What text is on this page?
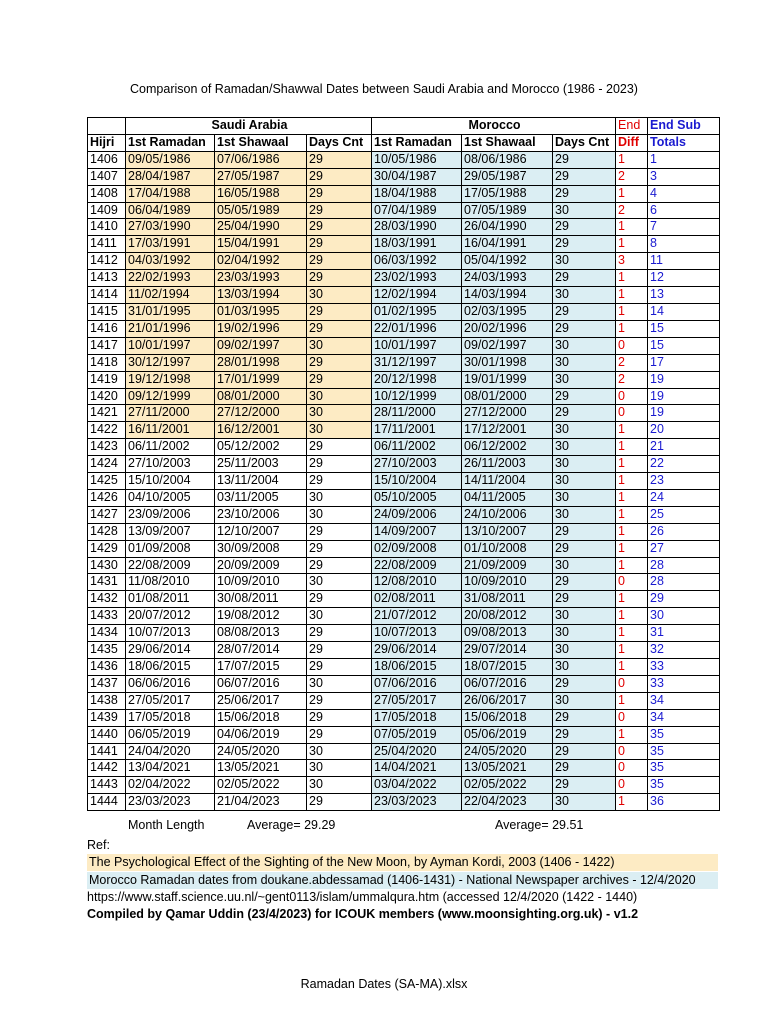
Comparison of Ramadan/Shawwal Dates between Saudi Arabia and Morocco (1986 - 2023)
	Saudi Arabia			Morocco			End	End Sub
Hijri	1st Ramadan	1st Shawaal	Days Cnt	1st Ramadan	1st Shawaal	Days Cnt	Diff	Totals
1406	09/05/1986	07/06/1986	29	10/05/1986	08/06/1986	29	1	1
1407	28/04/1987	27/05/1987	29	30/04/1987	29/05/1987	29	2	3
1408	17/04/1988	16/05/1988	29	18/04/1988	17/05/1988	29	1	4
1409	06/04/1989	05/05/1989	29	07/04/1989	07/05/1989	30	2	6
1410	27/03/1990	25/04/1990	29	28/03/1990	26/04/1990	29	1	7
1411	17/03/1991	15/04/1991	29	18/03/1991	16/04/1991	29	1	8
1412	04/03/1992	02/04/1992	29	06/03/1992	05/04/1992	30	3	11
1413	22/02/1993	23/03/1993	29	23/02/1993	24/03/1993	29	1	12
1414	11/02/1994	13/03/1994	30	12/02/1994	14/03/1994	30	1	13
1415	31/01/1995	01/03/1995	29	01/02/1995	02/03/1995	29	1	14
1416	21/01/1996	19/02/1996	29	22/01/1996	20/02/1996	29	1	15
1417	10/01/1997	09/02/1997	30	10/01/1997	09/02/1997	30	0	15
1418	30/12/1997	28/01/1998	29	31/12/1997	30/01/1998	30	2	17
1419	19/12/1998	17/01/1999	29	20/12/1998	19/01/1999	30	2	19
1420	09/12/1999	08/01/2000	30	10/12/1999	08/01/2000	29	0	19
1421	27/11/2000	27/12/2000	30	28/11/2000	27/12/2000	29	0	19
1422	16/11/2001	16/12/2001	30	17/11/2001	17/12/2001	30	1	20
1423	06/11/2002	05/12/2002	29	06/11/2002	06/12/2002	30	1	21
1424	27/10/2003	25/11/2003	29	27/10/2003	26/11/2003	30	1	22
1425	15/10/2004	13/11/2004	29	15/10/2004	14/11/2004	30	1	23
1426	04/10/2005	03/11/2005	30	05/10/2005	04/11/2005	30	1	24
1427	23/09/2006	23/10/2006	30	24/09/2006	24/10/2006	30	1	25
1428	13/09/2007	12/10/2007	29	14/09/2007	13/10/2007	29	1	26
1429	01/09/2008	30/09/2008	29	02/09/2008	01/10/2008	29	1	27
1430	22/08/2009	20/09/2009	29	22/08/2009	21/09/2009	30	1	28
1431	11/08/2010	10/09/2010	30	12/08/2010	10/09/2010	29	0	28
1432	01/08/2011	30/08/2011	29	02/08/2011	31/08/2011	29	1	29
1433	20/07/2012	19/08/2012	30	21/07/2012	20/08/2012	30	1	30
1434	10/07/2013	08/08/2013	29	10/07/2013	09/08/2013	30	1	31
1435	29/06/2014	28/07/2014	29	29/06/2014	29/07/2014	30	1	32
1436	18/06/2015	17/07/2015	29	18/06/2015	18/07/2015	30	1	33
1437	06/06/2016	06/07/2016	30	07/06/2016	06/07/2016	29	0	33
1438	27/05/2017	25/06/2017	29	27/05/2017	26/06/2017	30	1	34
1439	17/05/2018	15/06/2018	29	17/05/2018	15/06/2018	29	0	34
1440	06/05/2019	04/06/2019	29	07/05/2019	05/06/2019	29	1	35
1441	24/04/2020	24/05/2020	30	25/04/2020	24/05/2020	29	0	35
1442	13/04/2021	13/05/2021	30	14/04/2021	13/05/2021	29	0	35
1443	02/04/2022	02/05/2022	30	03/04/2022	02/05/2022	29	0	35
1444	23/03/2023	21/04/2023	29	23/03/2023	22/04/2023	30	1	36
Month Length	Average= 29.29	Average= 29.51
Ref:
The Psychological Effect of the Sighting of the New Moon, by Ayman Kordi, 2003 (1406 - 1422)
Morocco Ramadan dates from doukane.abdessamad (1406-1431) - National Newspaper archives - 12/4/2020
https://www.staff.science.uu.nl/~gent0113/islam/ummalqura.htm (accessed 12/4/2020 (1422 - 1440)
Compiled by Qamar Uddin (23/4/2023) for ICOUK members (www.moonsighting.org.uk) - v1.2
Ramadan Dates (SA-MA).xlsx
